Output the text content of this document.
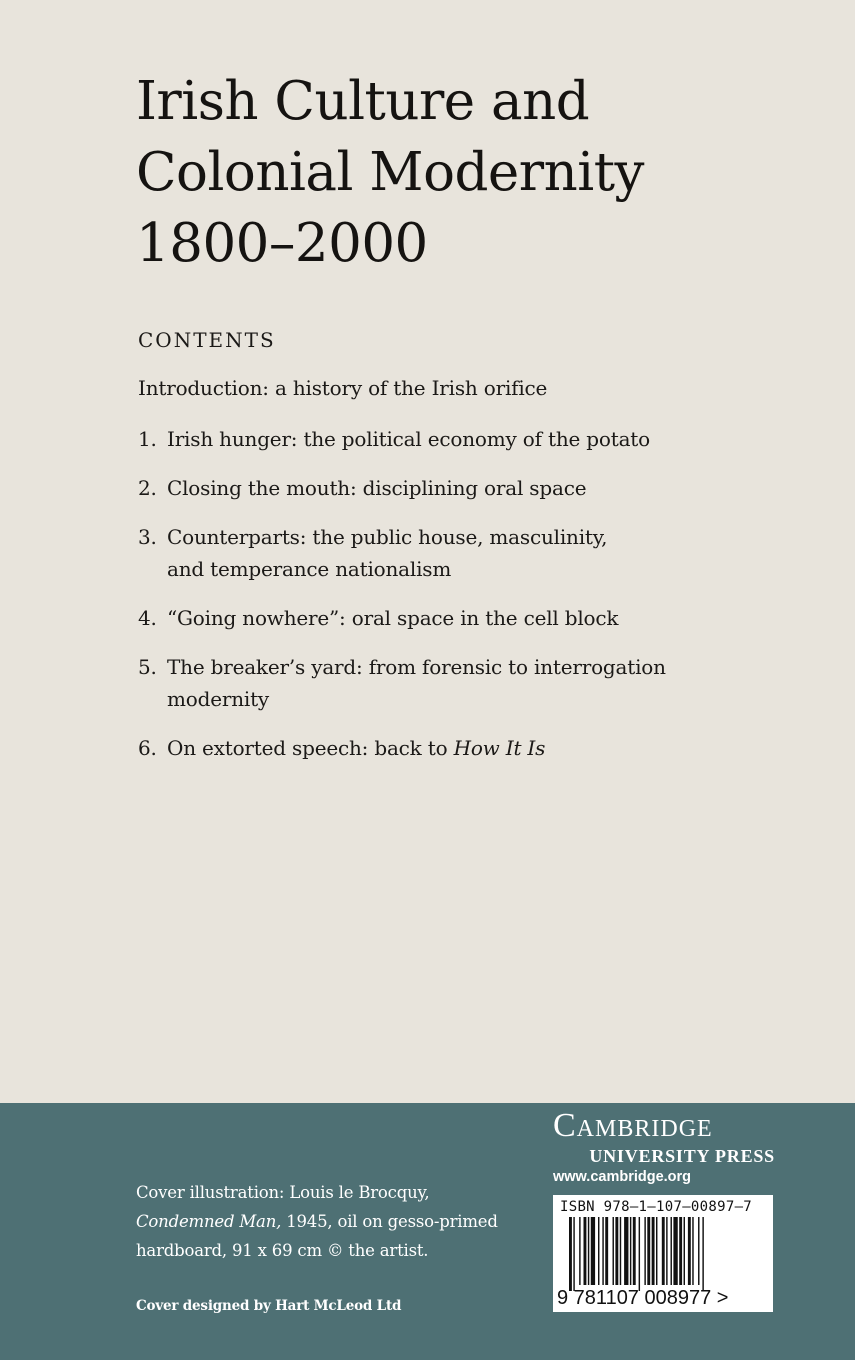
Irish Culture and
Colonial Modernity
1800–2000
CONTENTS
Introduction: a history of the Irish orifice
1. Irish hunger: the political economy of the potato
2. Closing the mouth: disciplining oral space
3. Counterparts: the public house, masculinity,
and temperance nationalism
4. “Going nowhere”: oral space in the cell block
5. The breaker’s yard: from forensic to interrogation
modernity
6. On extorted speech: back to How It Is
Cover illustration: Louis le Brocquy,
Condemned Man, 1945, oil on gesso-primed
hardboard, 91 x 69 cm © the artist.
Cover designed by Hart McLeod Ltd
Cambridge
UNIVERSITY PRESS
www.cambridge.org
ISBN 978–1–107–00897–7
9 781107 008977 >
